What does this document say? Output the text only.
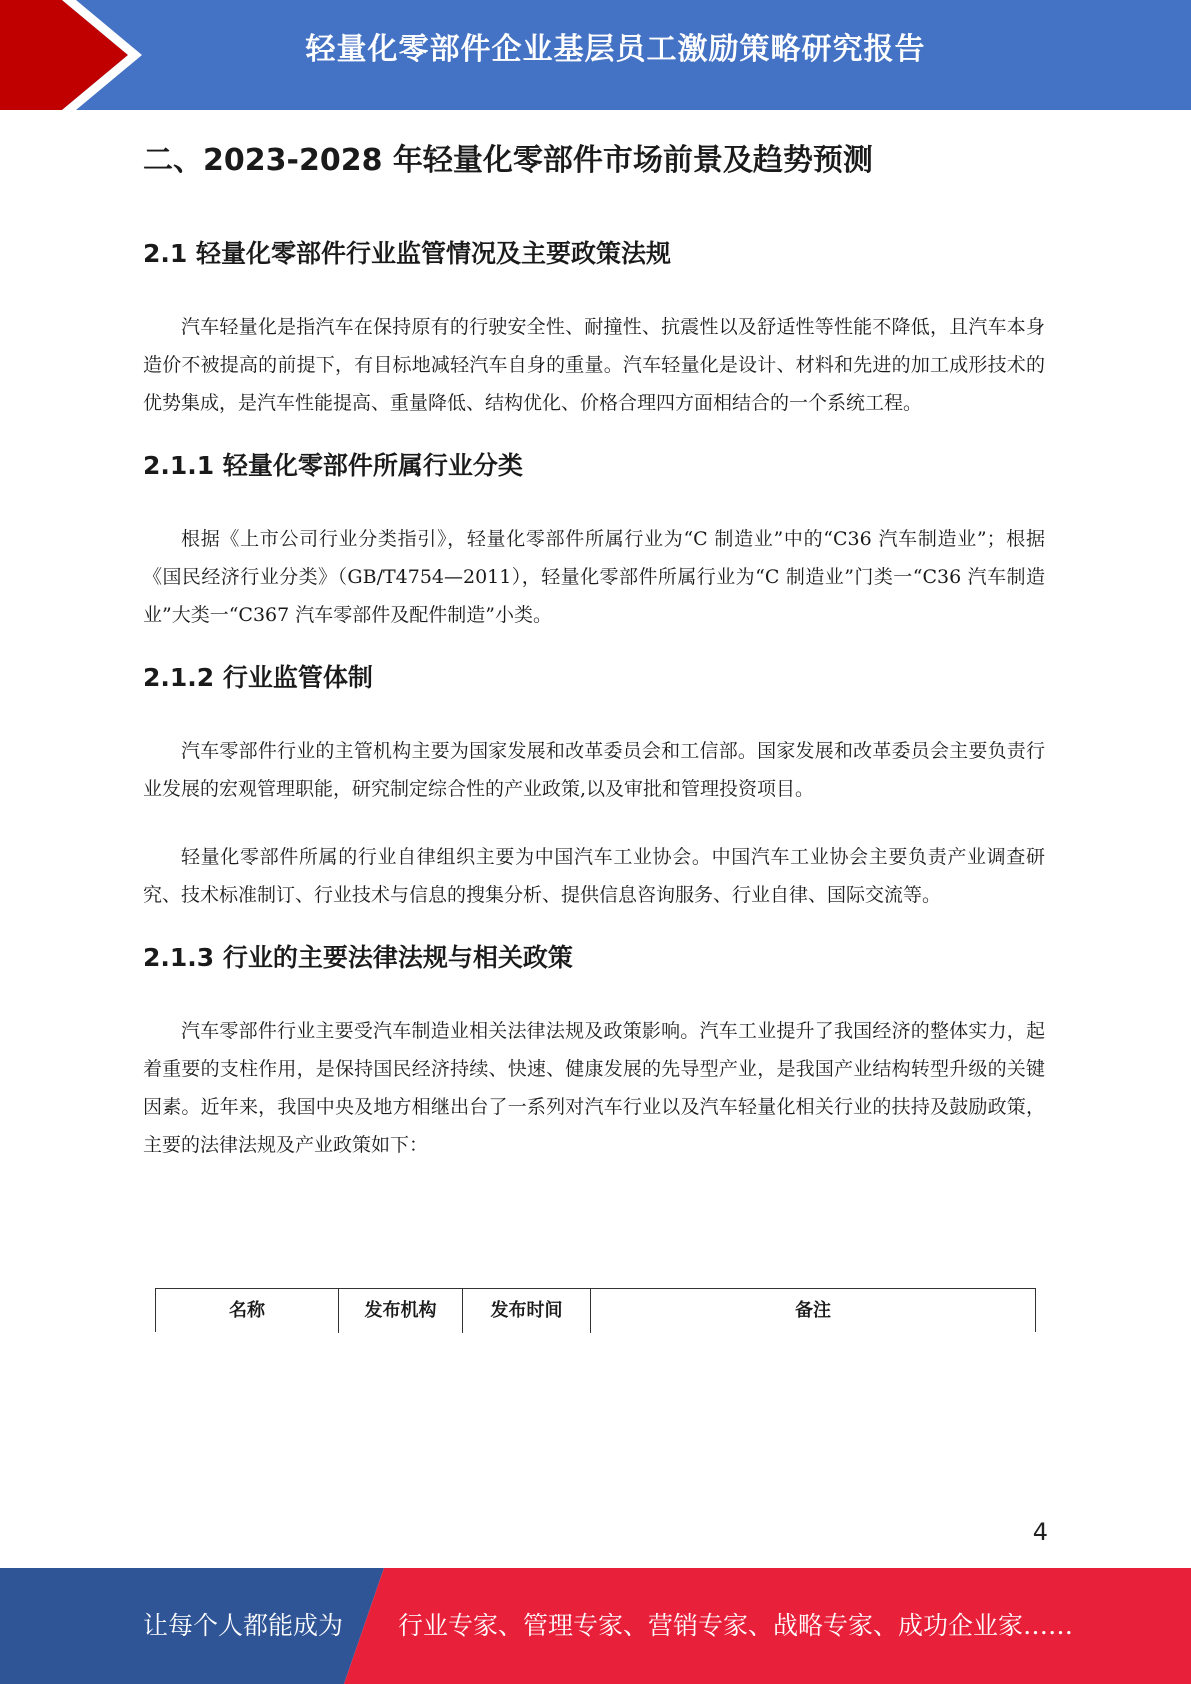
轻量化零部件企业基层员工激励策略研究报告
二、2023-2028 年轻量化零部件市场前景及趋势预测
2.1 轻量化零部件行业监管情况及主要政策法规

汽车轻量化是指汽车在保持原有的行驶安全性、耐撞性、抗震性以及舒适性等性能不降低，且汽车本身造价不被提高的前提下，有目标地减轻汽车自身的重量。汽车轻量化是设计、材料和先进的加工成形技术的优势集成，是汽车性能提高、重量降低、结构优化、价格合理四方面相结合的一个系统工程。

2.1.1 轻量化零部件所属行业分类

根据《上市公司行业分类指引》，轻量化零部件所属行业为“C 制造业”中的“C36 汽车制造业”；根据《国民经济行业分类》（GB/T4754—2011），轻量化零部件所属行业为“C 制造业”门类一“C36 汽车制造业”大类一“C367 汽车零部件及配件制造”小类。

2.1.2 行业监管体制

汽车零部件行业的主管机构主要为国家发展和改革委员会和工信部。国家发展和改革委员会主要负责行业发展的宏观管理职能，研究制定综合性的产业政策,以及审批和管理投资项目。

轻量化零部件所属的行业自律组织主要为中国汽车工业协会。中国汽车工业协会主要负责产业调查研究、技术标准制订、行业技术与信息的搜集分析、提供信息咨询服务、行业自律、国际交流等。

2.1.3 行业的主要法律法规与相关政策

汽车零部件行业主要受汽车制造业相关法律法规及政策影响。汽车工业提升了我国经济的整体实力，起着重要的支柱作用，是保持国民经济持续、快速、健康发展的先导型产业，是我国产业结构转型升级的关键因素。近年来，我国中央及地方相继出台了一系列对汽车行业以及汽车轻量化相关行业的扶持及鼓励政策，主要的法律法规及产业政策如下：

名称	发布机构	发布时间	备注
4
让每个人都能成为 行业专家、管理专家、营销专家、战略专家、成功企业家……
